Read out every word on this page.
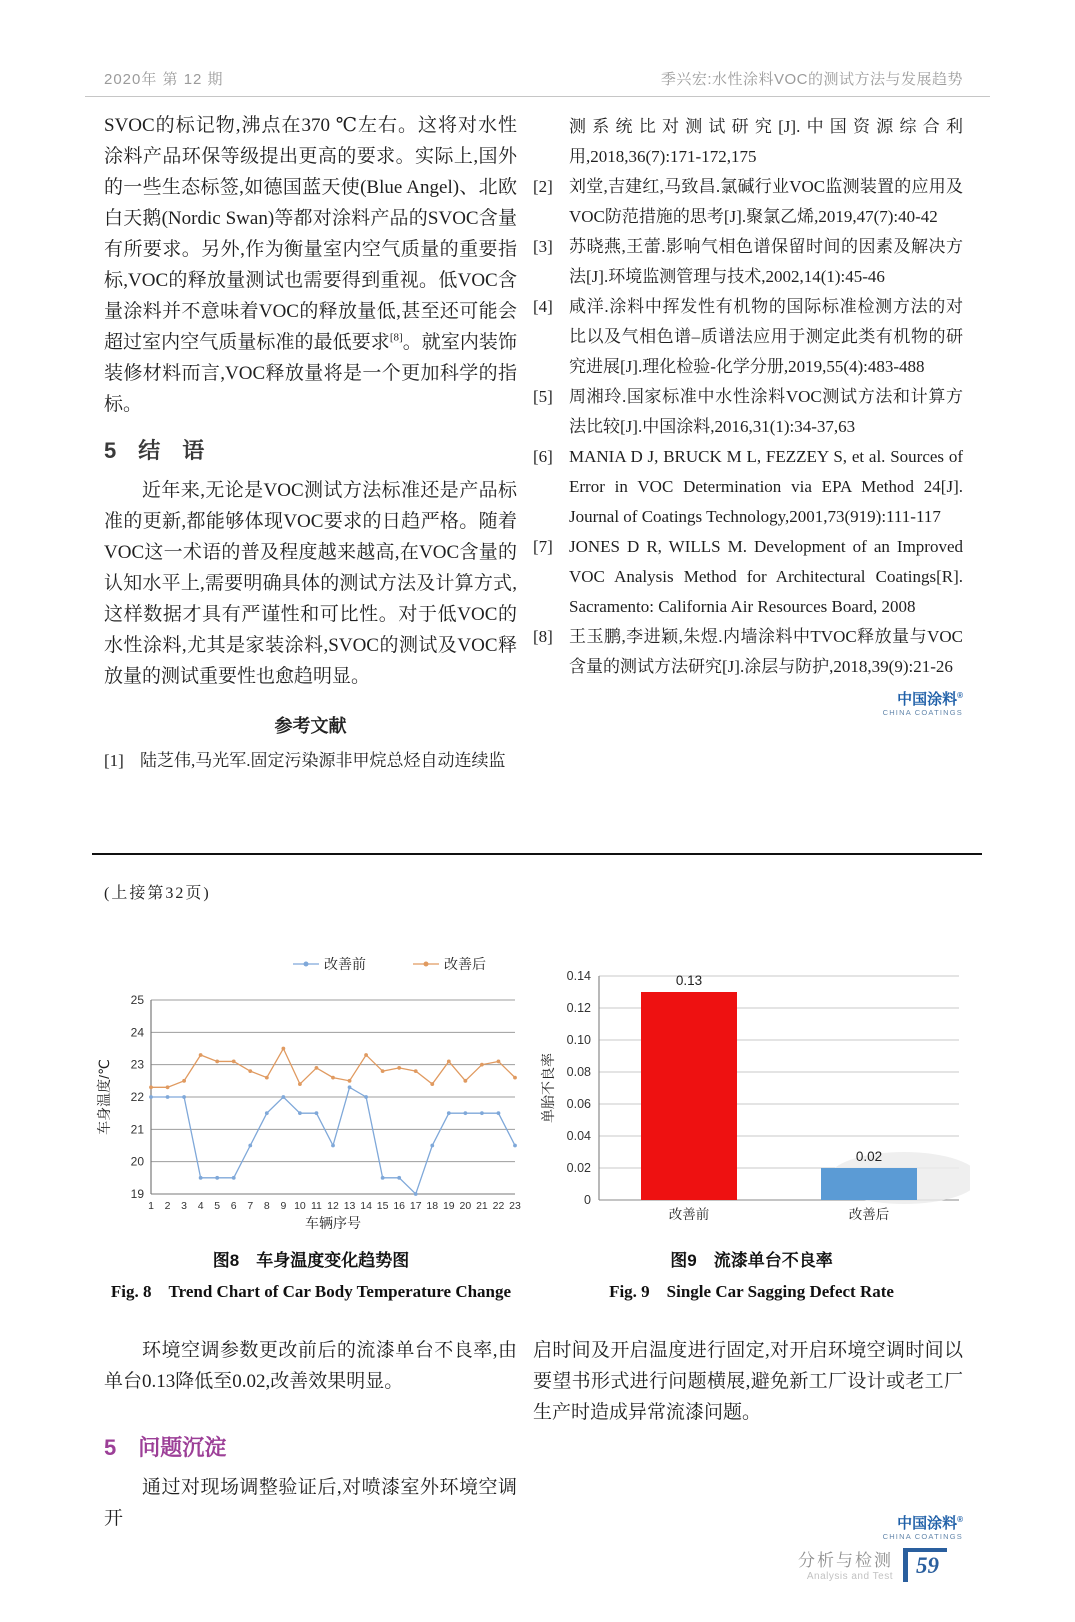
2020年 第 12 期	季兴宏:水性涂料VOC的测试方法与发展趋势

SVOC的标记物,沸点在370 ℃左右。这将对水性涂料产品环保等级提出更高的要求。实际上,国外的一些生态标签,如德国蓝天使(Blue Angel)、北欧白天鹅(Nordic Swan)等都对涂料产品的SVOC含量有所要求。另外,作为衡量室内空气质量的重要指标,VOC的释放量测试也需要得到重视。低VOC含量涂料并不意味着VOC的释放量低,甚至还可能会超过室内空气质量标准的最低要求[8]。就室内装饰装修材料而言,VOC释放量将是一个更加科学的指标。

5 结　语

近年来,无论是VOC测试方法标准还是产品标准的更新,都能够体现VOC要求的日趋严格。随着VOC这一术语的普及程度越来越高,在VOC含量的认知水平上,需要明确具体的测试方法及计算方式,这样数据才具有严谨性和可比性。对于低VOC的水性涂料,尤其是家装涂料,SVOC的测试及VOC释放量的测试重要性也愈趋明显。

参考文献
[1] 陆芝伟,马光军.固定污染源非甲烷总烃自动连续监
测系统比对测试研究[J].中国资源综合利用,2018,36(7):171-172,175
[2] 刘堂,吉建红,马致昌.氯碱行业VOC监测装置的应用及VOC防范措施的思考[J].聚氯乙烯,2019,47(7):40-42
[3] 苏晓燕,王蕾.影响气相色谱保留时间的因素及解决方法[J].环境监测管理与技术,2002,14(1):45-46
[4] 咸洋.涂料中挥发性有机物的国际标准检测方法的对比以及气相色谱–质谱法应用于测定此类有机物的研究进展[J].理化检验-化学分册,2019,55(4):483-488
[5] 周湘玲.国家标准中水性涂料VOC测试方法和计算方法比较[J].中国涂料,2016,31(1):34-37,63
[6] MANIA D J, BRUCK M L, FEZZEY S, et al. Sources of Error in VOC Determination via EPA Method 24[J]. Journal of Coatings Technology,2001,73(919):111-117
[7] JONES D R, WILLS M. Development of an Improved VOC Analysis Method for Architectural Coatings[R]. Sacramento: California Air Resources Board, 2008
[8] 王玉鹏,李进颖,朱煜.内墙涂料中TVOC释放量与VOC含量的测试方法研究[J].涂层与防护,2018,39(9):21-26
中国涂料®
CHINA COATINGS
(上接第32页)
19
20
21
22
23
24
25
1 2 3 4 5 6 7 8 9 10 11 12 13 14 15 16 17 18 19 20 21 22 23
车辆序号
车身温度/℃
改善前	改善后
图8　车身温度变化趋势图
Fig. 8　Trend Chart of Car Body Temperature Change
0
0.02
0.04
0.06
0.08
0.10
0.12
0.14
单胎不良率
0.13
改善前
0.02
改善后
图9　流漆单台不良率
Fig. 9　Single Car Sagging Defect Rate

环境空调参数更改前后的流漆单台不良率,由单台0.13降低至0.02,改善效果明显。

5 问题沉淀

通过对现场调整验证后,对喷漆室外环境空调开

启时间及开启温度进行固定,对开启环境空调时间以要望书形式进行问题横展,避免新工厂设计或老工厂生产时造成异常流漆问题。

中国涂料®
CHINA COATINGS
分析与检测
Analysis and Test	59
